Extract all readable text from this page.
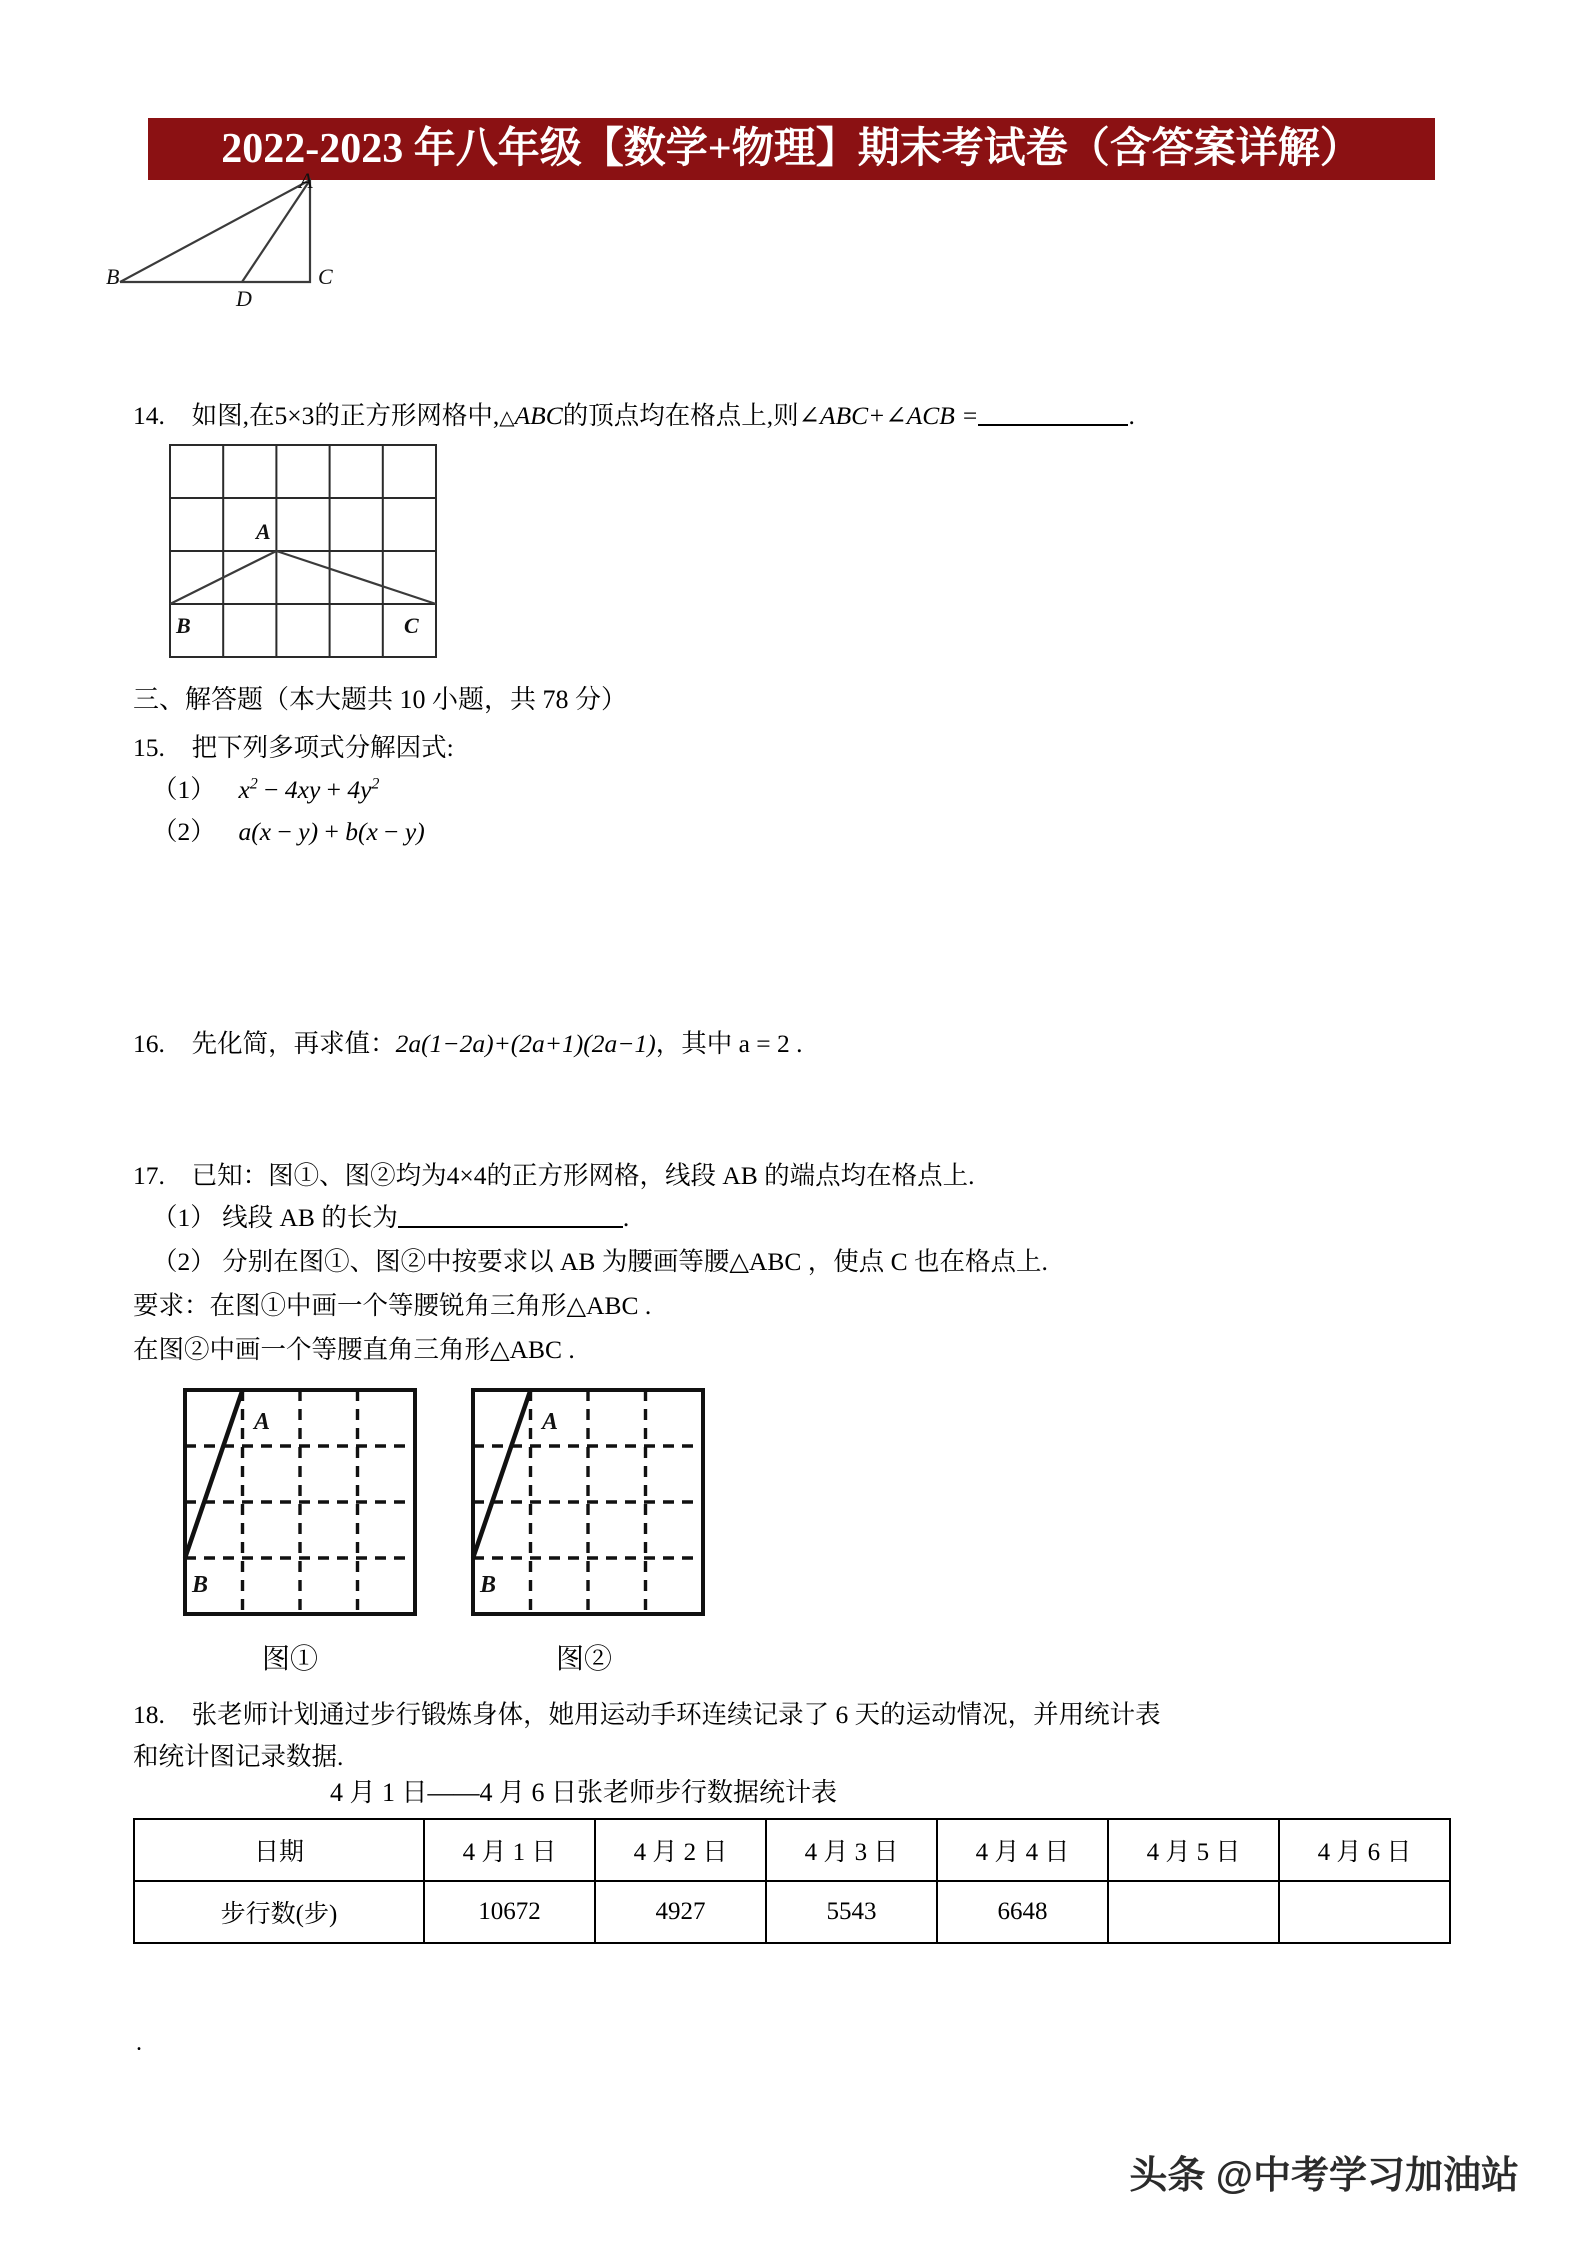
2022-2023 年八年级【数学+物理】期末考试卷（含答案详解）
A
B
D
C
14. 如图,在5×3的正方形网格中,△ABC的顶点均在格点上,则∠ABC+∠ACB =	.
A
B	C
三、解答题（本大题共 10 小题，共 78 分）
15. 把下列多项式分解因式:
（1） $x^2 - 4xy + 4y^2$
（2） a(x − y) + b(x − y)
16. 先化简，再求值：2a(1−2a)+(2a+1)(2a−1)，其中 a = 2 .
17. 已知：图①、图②均为4×4的正方形网格，线段 AB 的端点均在格点上.
（1） 线段 AB 的长为	.
（2） 分别在图①、图②中按要求以 AB 为腰画等腰△ABC ，使点 C 也在格点上.
要求：在图①中画一个等腰锐角三角形△ABC .
在图②中画一个等腰直角三角形△ABC .
A
B
图①
A
B
图②
18. 张老师计划通过步行锻炼身体，她用运动手环连续记录了 6 天的运动情况，并用统计表
和统计图记录数据.
4 月 1 日——4 月 6 日张老师步行数据统计表
日期	4 月 1 日	4 月 2 日	4 月 3 日	4 月 4 日	4 月 5 日	4 月 6 日
步行数(步)	10672	4927	5543	6648		
.
头条 @中考学习加油站
